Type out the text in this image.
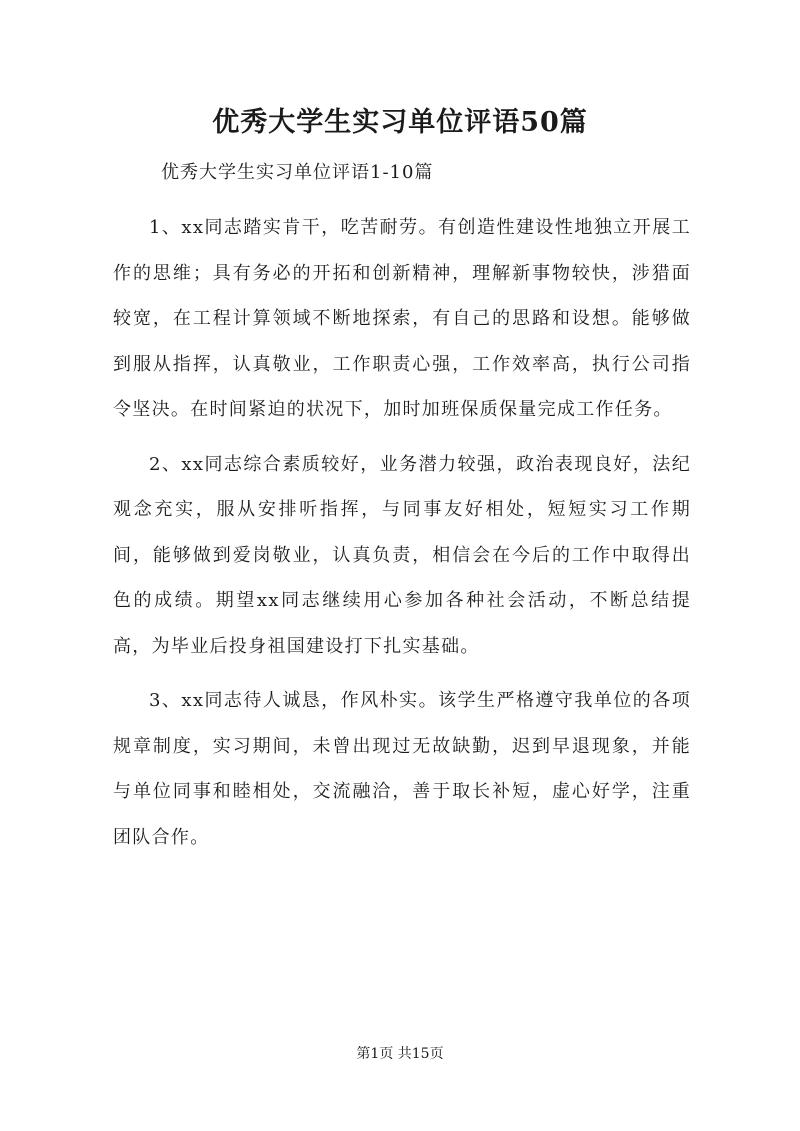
优秀大学生实习单位评语50篇

优秀大学生实习单位评语1-10篇

1、xx同志踏实肯干，吃苦耐劳。有创造性建设性地独立开展工作的思维；具有务必的开拓和创新精神，理解新事物较快，涉猎面较宽，在工程计算领域不断地探索，有自己的思路和设想。能够做到服从指挥，认真敬业，工作职责心强，工作效率高，执行公司指令坚决。在时间紧迫的状况下，加时加班保质保量完成工作任务。

2、xx同志综合素质较好，业务潜力较强，政治表现良好，法纪观念充实，服从安排听指挥，与同事友好相处，短短实习工作期间，能够做到爱岗敬业，认真负责，相信会在今后的工作中取得出色的成绩。期望xx同志继续用心参加各种社会活动，不断总结提高，为毕业后投身祖国建设打下扎实基础。

3、xx同志待人诚恳，作风朴实。该学生严格遵守我单位的各项规章制度，实习期间，未曾出现过无故缺勤，迟到早退现象，并能与单位同事和睦相处，交流融洽，善于取长补短，虚心好学，注重团队合作。

第1页 共15页
